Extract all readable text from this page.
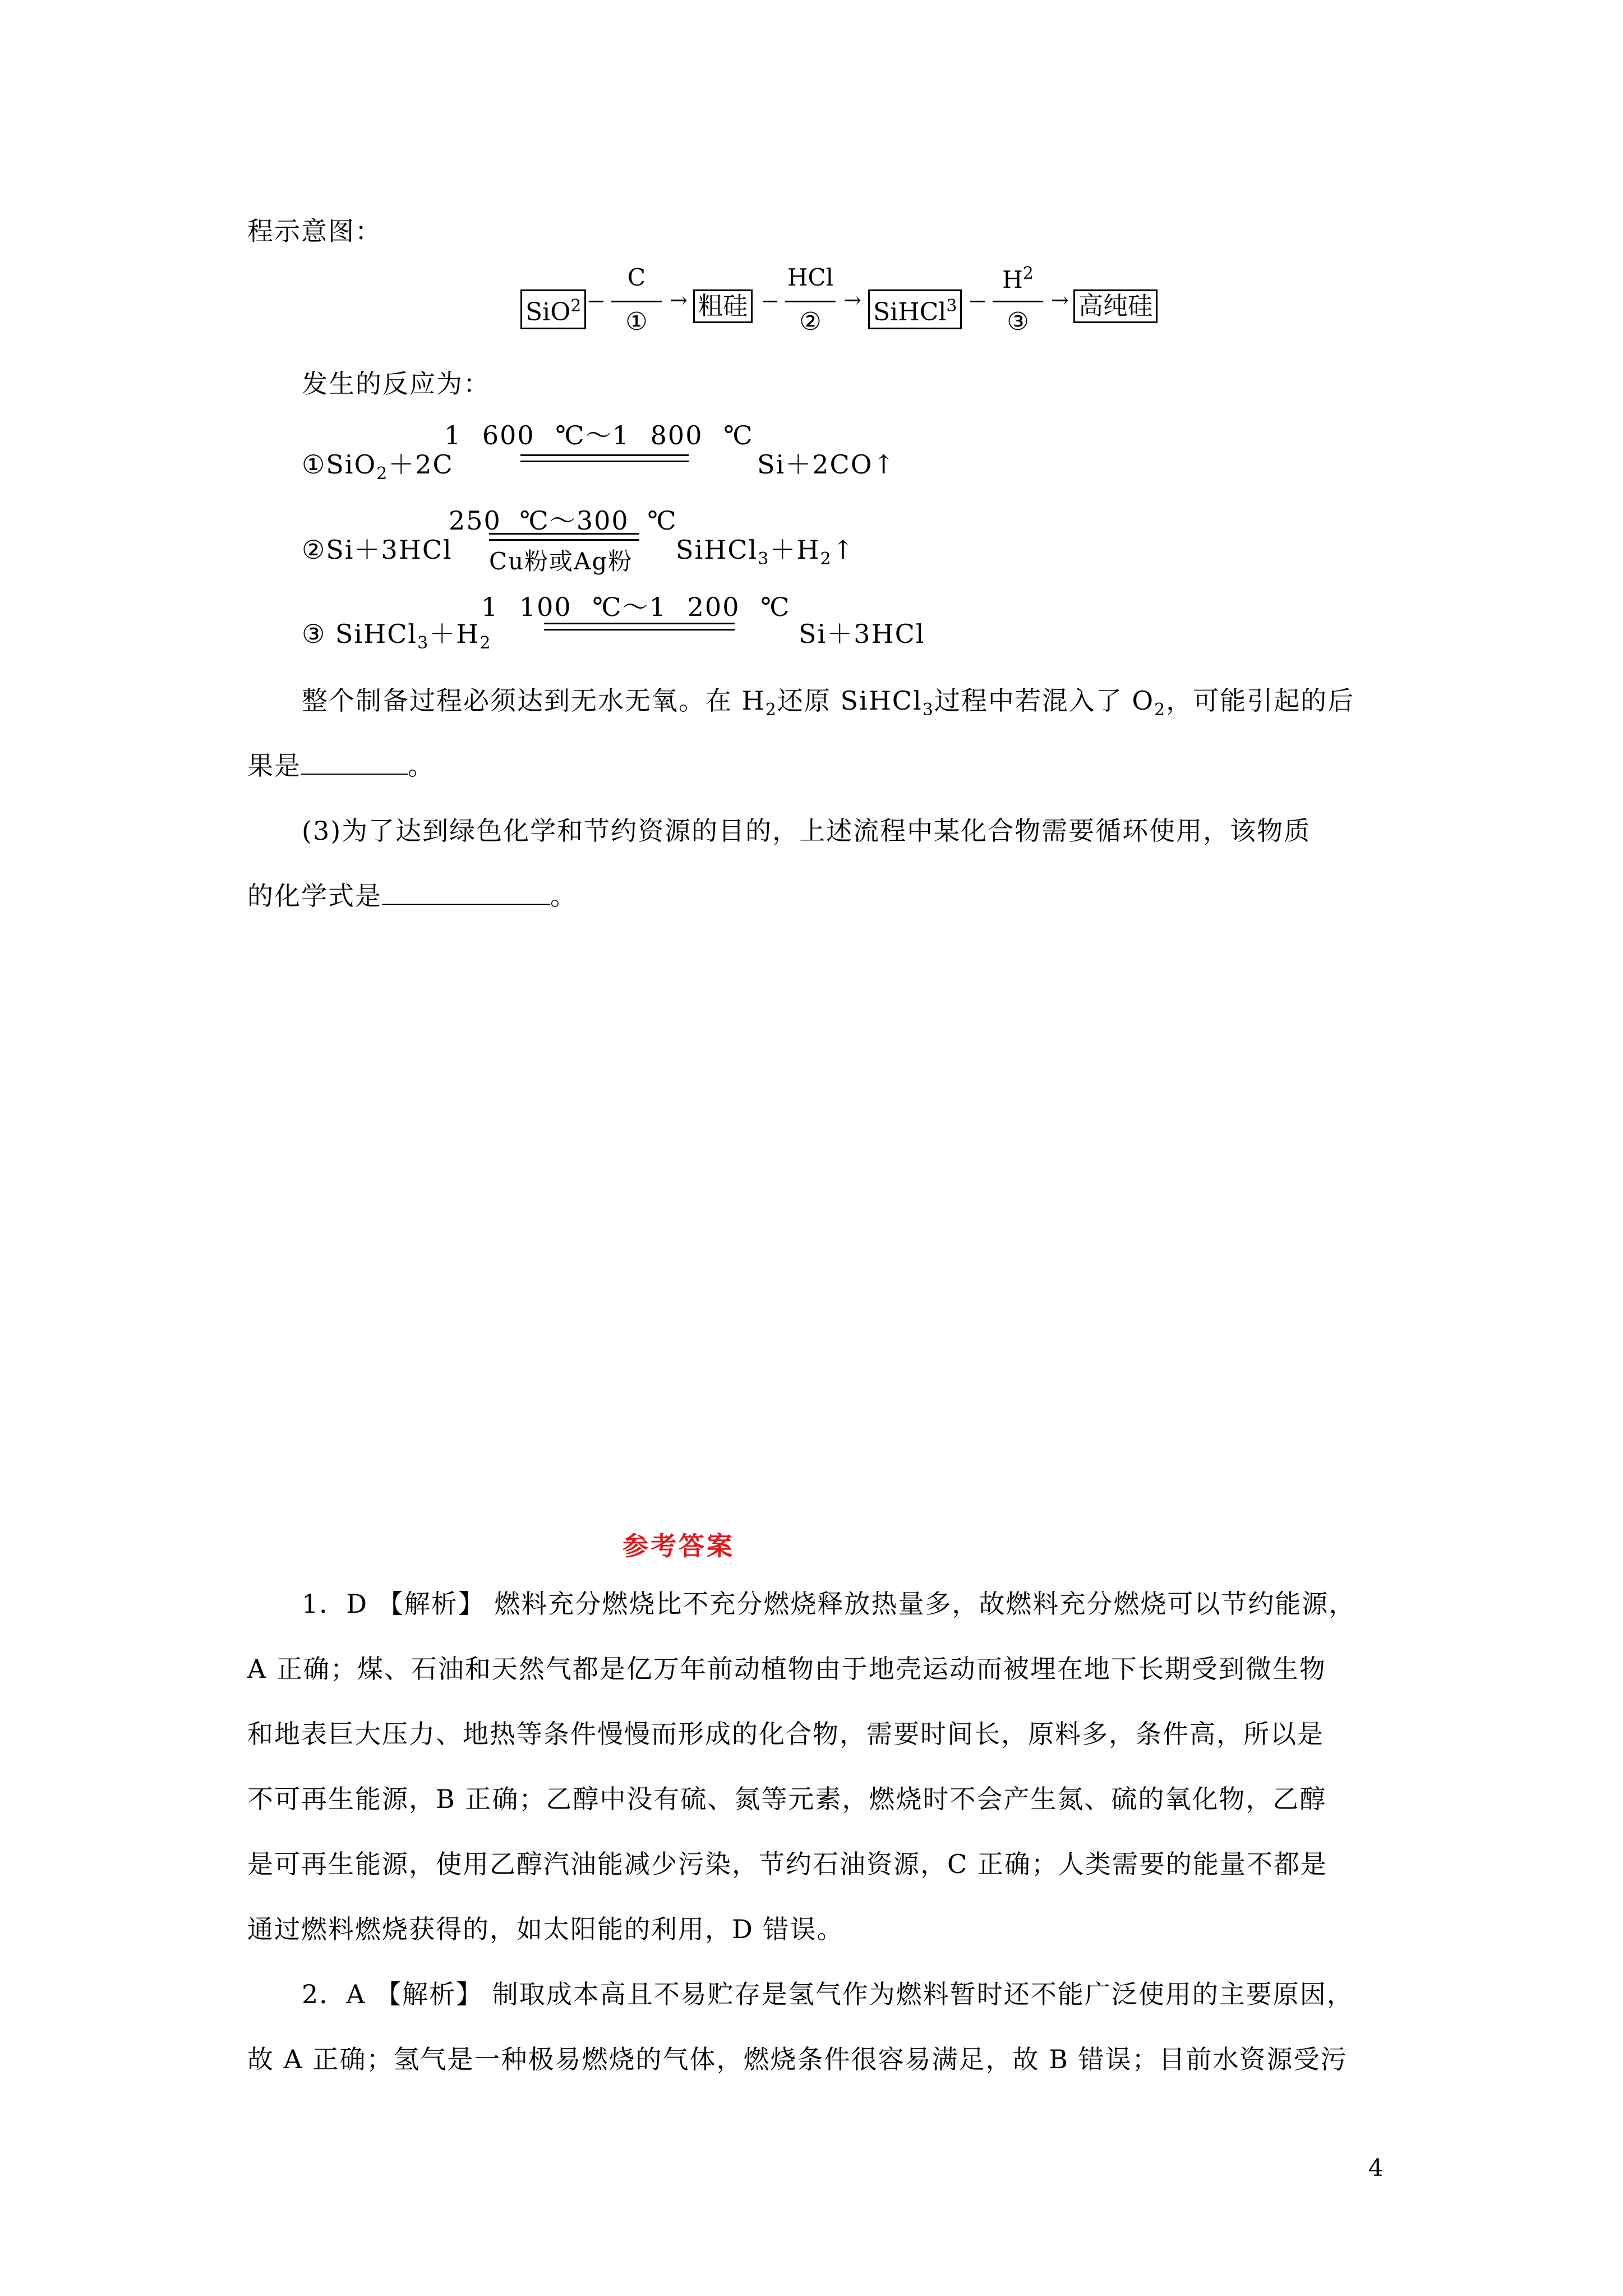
程示意图：
SiO$^2$
C
①
→ 粗硅
HCl
②
→ SiHCl$^3$
$H^2$
③
→ 高纯硅
发生的反应为：
①SiO$_2$＋2C
1 600 ℃～1 800 ℃
Si＋2CO↑
②Si＋3HCl
250 ℃～300 ℃
Cu粉或Ag粉 $SiHCl_3+H_2↑$
③ $SiHCl_3+H_2$
1 100 ℃～1 200 ℃
Si＋3HCl
整个制备过程必须达到无水无氧。在 $H_2$还原 SiHCl$_3$过程中若混入了 $O_2$，可能引起的后
果是	。
(3)为了达到绿色化学和节约资源的目的，上述流程中某化合物需要循环使用，该物质
的化学式是	。
参考答案
1．D 【解析】 燃料充分燃烧比不充分燃烧释放热量多，故燃料充分燃烧可以节约能源，
A 正确；煤、石油和天然气都是亿万年前动植物由于地壳运动而被埋在地下长期受到微生物
和地表巨大压力、地热等条件慢慢而形成的化合物，需要时间长，原料多，条件高，所以是
不可再生能源，B 正确；乙醇中没有硫、氮等元素，燃烧时不会产生氮、硫的氧化物，乙醇
是可再生能源，使用乙醇汽油能减少污染，节约石油资源，C 正确；人类需要的能量不都是
通过燃料燃烧获得的，如太阳能的利用，D 错误。
2．A 【解析】 制取成本高且不易贮存是氢气作为燃料暂时还不能广泛使用的主要原因，
故 A 正确；氢气是一种极易燃烧的气体，燃烧条件很容易满足，故 B 错误；目前水资源受污
4
